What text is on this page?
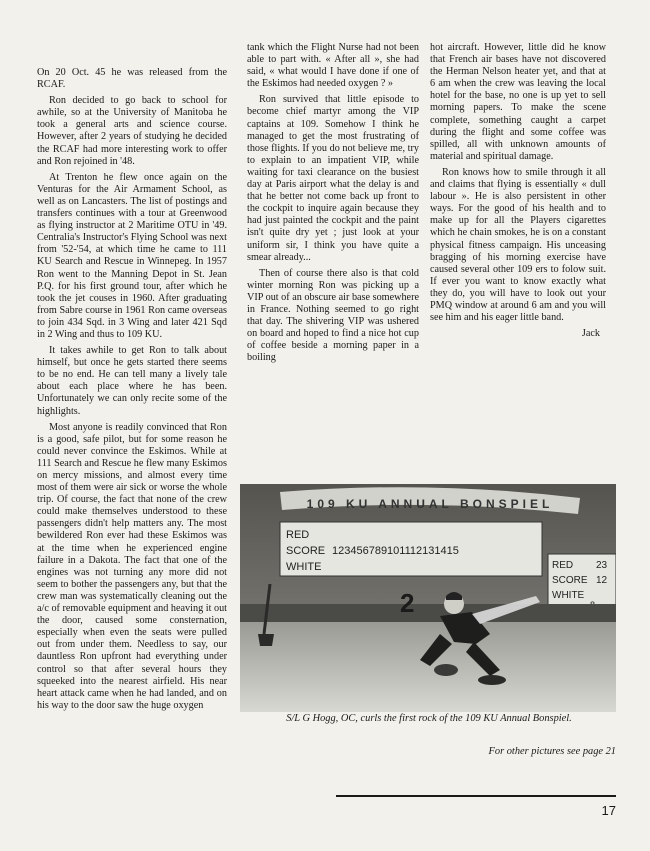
On 20 Oct. 45 he was released from the RCAF.

Ron decided to go back to school for awhile, so at the University of Manitoba he took a general arts and science course. However, after 2 years of studying he decided the RCAF had more interesting work to offer and Ron rejoined in '48.

At Trenton he flew once again on the Venturas for the Air Armament School, as well as on Lancasters. The list of postings and transfers continues with a tour at Greenwood as flying instructor at 2 Maritime OTU in '49. Centralia's Instructor's Flying School was next from '52-'54, at which time he came to 111 KU Search and Rescue in Winnepeg. In 1957 Ron went to the Manning Depot in St. Jean P.Q. for his first ground tour, after which he took the jet couses in 1960. After graduating from Sabre course in 1961 Ron came overseas to join 434 Sqd. in 3 Wing and later 421 Sqd in 2 Wing and thus to 109 KU.

It takes awhile to get Ron to talk about himself, but once he gets started there seems to be no end. He can tell many a lively tale about each place where he has been. Unfortunately we can only recite some of the highlights.

Most anyone is readily convinced that Ron is a good, safe pilot, but for some reason he could never convince the Eskimos. While at 111 Search and Rescue he flew many Eskimos on mercy missions, and almost every time most of them were air sick or worse the whole trip. Of course, the fact that none of the crew could make themselves understood to these passengers didn't help matters any. The most bewildered Ron ever had these Eskimos was at the time when he experienced engine failure in a Dakota. The fact that one of the engines was not turning any more did not seem to bother the passengers any, but that the crew man was systematically cleaning out the a/c of removable equipment and heaving it out the door, caused some consternation, especially when even the seats were pulled out from under them. Needless to say, our dauntless Ron upfront had everything under control so that after several hours they squeeked into the nearest airfield. His near heart attack came when he had landed, and on his way to the door saw the huge oxygen

tank which the Flight Nurse had not been able to part with. « After all », she had said, « what would I have done if one of the Eskimos had needed oxygen ? »

Ron survived that little episode to become chief martyr among the VIP captains at 109. Somehow I think he managed to get the most frustrating of those flights. If you do not believe me, try to explain to an impatient VIP, while waiting for taxi clearance on the busiest day at Paris airport what the delay is and that he better not come back up front to the cockpit to inquire again because they had just painted the cockpit and the paint isn't quite dry yet ; just look at your uniform sir, I think you have quite a smear already...

Then of course there also is that cold winter morning Ron was picking up a VIP out of an obscure air base somewhere in France. Nothing seemed to go right that day. The shivering VIP was ushered on board and hoped to find a nice hot cup of coffee beside a morning paper in a boiling

hot aircraft. However, little did he know that French air bases have not discovered the Herman Nelson heater yet, and that at 6 am when the crew was leaving the local hotel for the base, no one is up yet to sell morning papers. To make the scene complete, something caught a carpet during the flight and some coffee was spilled, all with unknown amounts of material and spiritual damage.

Ron knows how to smile through it all and claims that flying is essentially « dull labour ». He is also persistent in other ways. For the good of his health and to make up for all the Players cigarettes which he chain smokes, he is on a constant physical fitness campaign. His unceasing bragging of his morning exercise have caused several other 109 ers to folow suit. If ever you want to know exactly what they do, you will have to look out your PMQ window at around 6 am and you will see him and his eager little band.

Jack
109 KU ANNUAL BONSPIEL
RED
SCORE
WHITE
123456789101112131415
RED
SCORE
WHITE
23
12
2
S/L G Hogg, OC, curls the first rock of the 109 KU Annual Bonspiel.
For other pictures see page 21
17
